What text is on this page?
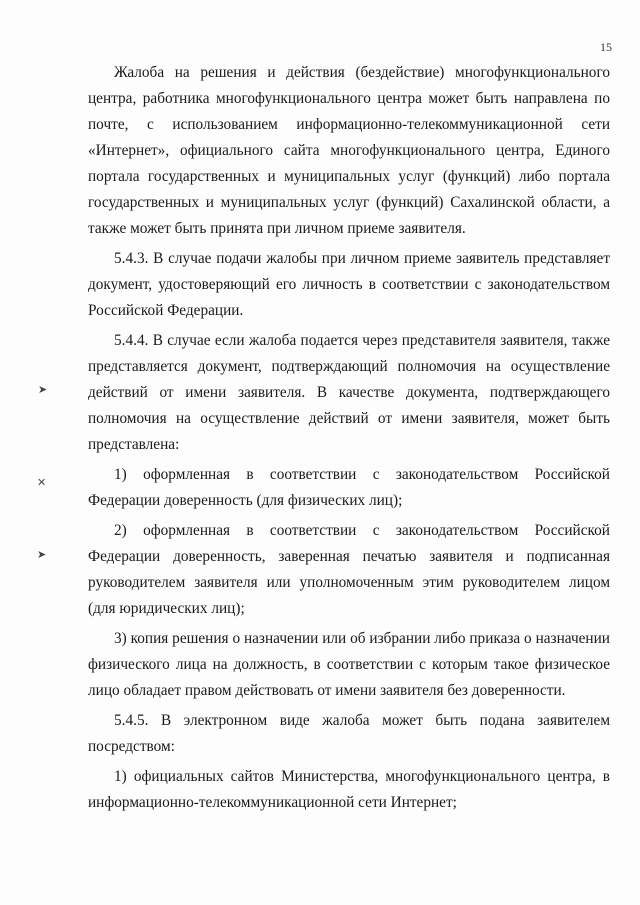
15
➤
✕
➤

Жалоба на решения и действия (бездействие) многофункционального центра, работника многофункционального центра может быть направлена по почте, с использованием информационно-телекоммуникационной сети «Интернет», официального сайта многофункционального центра, Единого портала государственных и муниципальных услуг (функций) либо портала государственных и муниципальных услуг (функций) Сахалинской области, а также может быть принята при личном приеме заявителя.

5.4.3. В случае подачи жалобы при личном приеме заявитель представляет документ, удостоверяющий его личность в соответствии с законодательством Российской Федерации.

5.4.4. В случае если жалоба подается через представителя заявителя, также представляется документ, подтверждающий полномочия на осуществление действий от имени заявителя. В качестве документа, подтверждающего полномочия на осуществление действий от имени заявителя, может быть представлена:

1) оформленная в соответствии с законодательством Российской Федерации доверенность (для физических лиц);

2) оформленная в соответствии с законодательством Российской Федерации доверенность, заверенная печатью заявителя и подписанная руководителем заявителя или уполномоченным этим руководителем лицом (для юридических лиц);

3) копия решения о назначении или об избрании либо приказа о назначении физического лица на должность, в соответствии с которым такое физическое лицо обладает правом действовать от имени заявителя без доверенности.

5.4.5. В электронном виде жалоба может быть подана заявителем посредством:

1) официальных сайтов Министерства, многофункционального центра, в информационно-телекоммуникационной сети Интернет;
